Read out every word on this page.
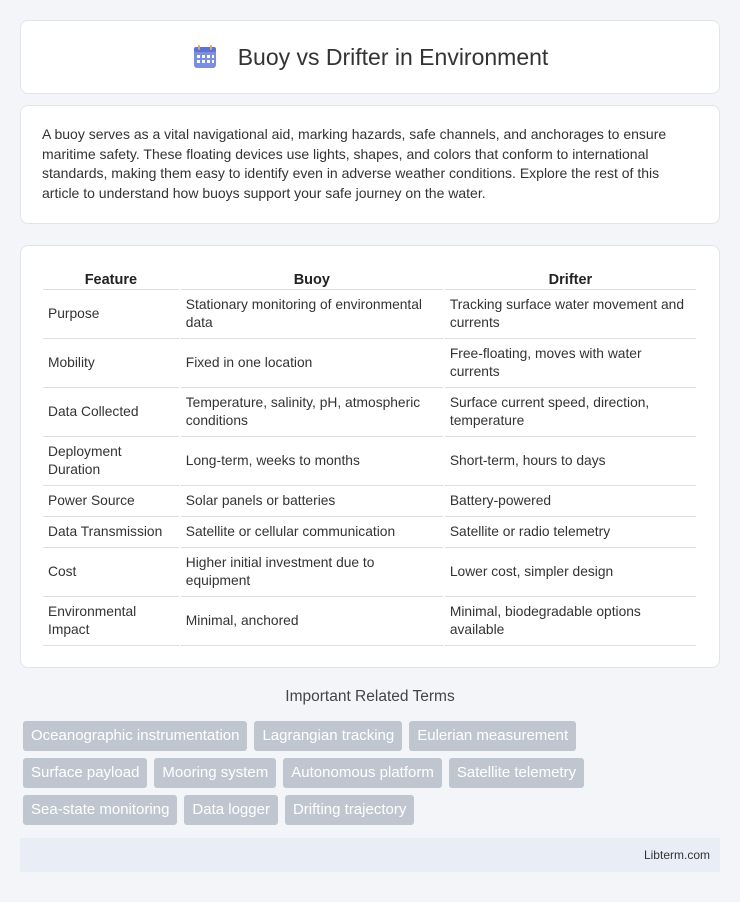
Buoy vs Drifter in Environment

A buoy serves as a vital navigational aid, marking hazards, safe channels, and anchorages to ensure maritime safety. These floating devices use lights, shapes, and colors that conform to international standards, making them easy to identify even in adverse weather conditions. Explore the rest of this article to understand how buoys support your safe journey on the water.

Feature	Buoy	Drifter
Purpose	Stationary monitoring of environmental data	Tracking surface water movement and currents
Mobility	Fixed in one location	Free-floating, moves with water currents
Data Collected	Temperature, salinity, pH, atmospheric conditions	Surface current speed, direction, temperature
Deployment Duration	Long-term, weeks to months	Short-term, hours to days
Power Source	Solar panels or batteries	Battery-powered
Data Transmission	Satellite or cellular communication	Satellite or radio telemetry
Cost	Higher initial investment due to equipment	Lower cost, simpler design
Environmental Impact	Minimal, anchored	Minimal, biodegradable options available
Important Related Terms
Oceanographic instrumentation	Lagrangian tracking	Eulerian measurement
Surface payload	Mooring system	Autonomous platform	Satellite telemetry
Sea-state monitoring	Data logger	Drifting trajectory
Libterm.com
